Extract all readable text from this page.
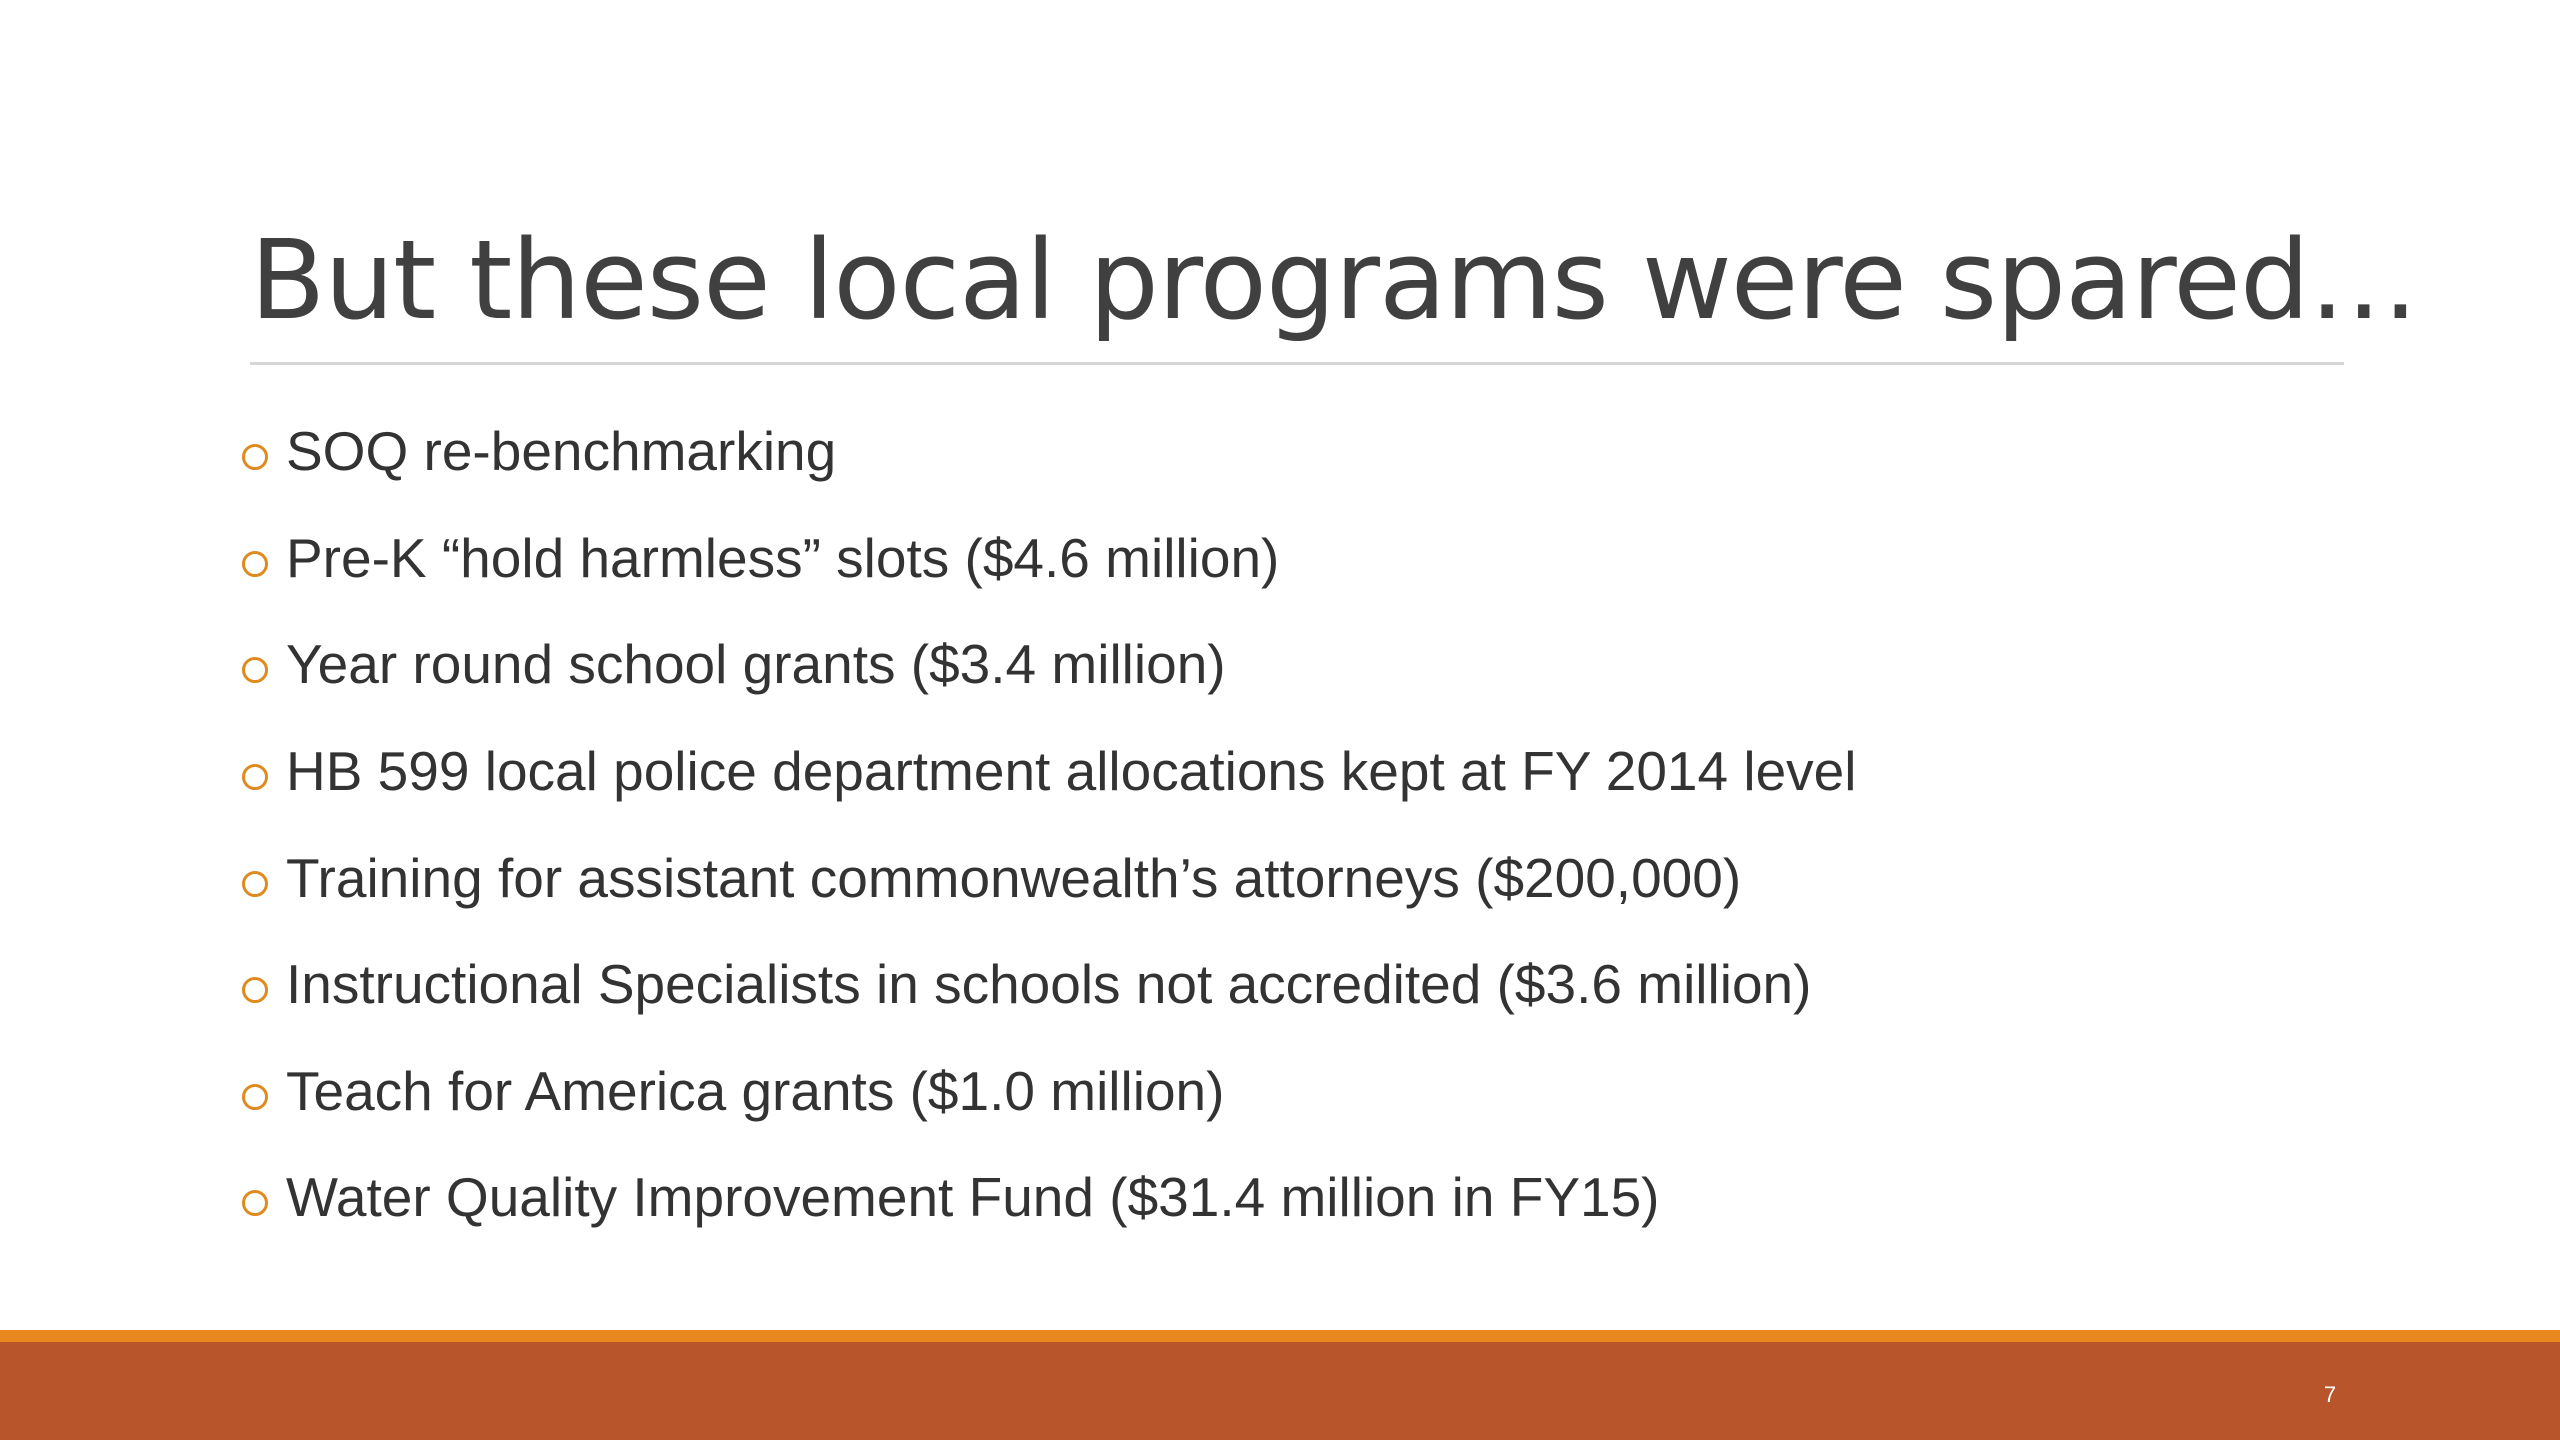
But these local programs were spared…
SOQ re-benchmarking
Pre-K “hold harmless” slots ($4.6 million)
Year round school grants ($3.4 million)
HB 599 local police department allocations kept at FY 2014 level
Training for assistant commonwealth’s attorneys ($200,000)
Instructional Specialists in schools not accredited ($3.6 million)
Teach for America grants ($1.0 million)
Water Quality Improvement Fund ($31.4 million in FY15)
7
